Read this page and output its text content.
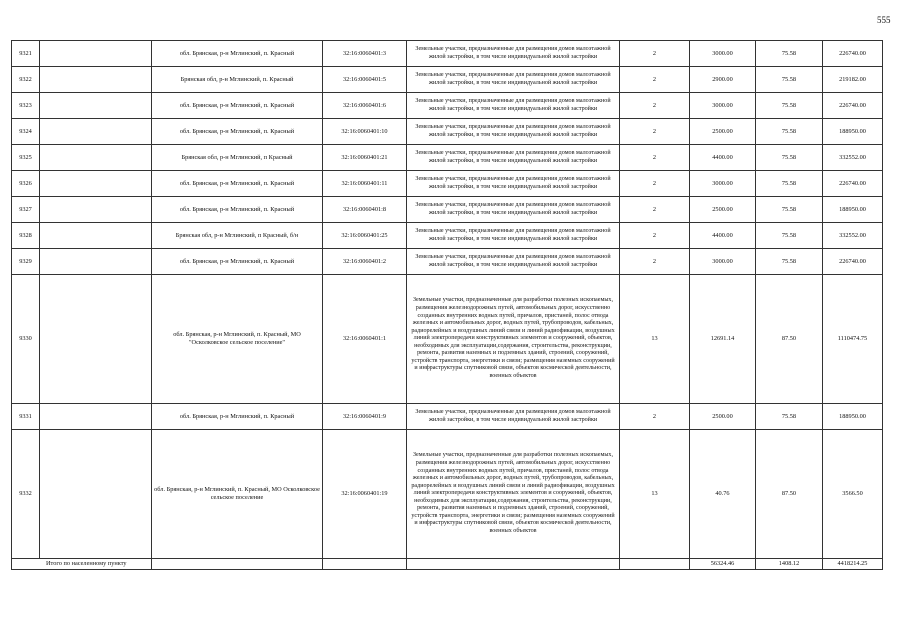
555
9321		обл. Брянская, р-н Мглинский, п. Красный	32:16:0060401:3	Земельные участки, предназначенные для размещения домов малоэтажной жилой застройки, в том числе индивидуальной жилой застройки	2	3000.00	75.58	226740.00
9322		Брянская обл, р-н Мглинский, п. Красный	32:16:0060401:5	Земельные участки, предназначенные для размещения домов малоэтажной жилой застройки, в том числе индивидуальной жилой застройки	2	2900.00	75.58	219182.00
9323		обл. Брянская, р-н Мглинский, п. Красный	32:16:0060401:6	Земельные участки, предназначенные для размещения домов малоэтажной жилой застройки, в том числе индивидуальной жилой застройки	2	3000.00	75.58	226740.00
9324		обл. Брянская, р-н Мглинский, п. Красный	32:16:0060401:10	Земельные участки, предназначенные для размещения домов малоэтажной жилой застройки, в том числе индивидуальной жилой застройки	2	2500.00	75.58	188950.00
9325		Брянская обл, р-н Мглинский, п Красный	32:16:0060401:21	Земельные участки, предназначенные для размещения домов малоэтажной жилой застройки, в том числе индивидуальной жилой застройки	2	4400.00	75.58	332552.00
9326		обл. Брянская, р-н Мглинский, п. Красный	32:16:0060401:11	Земельные участки, предназначенные для размещения домов малоэтажной жилой застройки, в том числе индивидуальной жилой застройки	2	3000.00	75.58	226740.00
9327		обл. Брянская, р-н Мглинский, п. Красный	32:16:0060401:8	Земельные участки, предназначенные для размещения домов малоэтажной жилой застройки, в том числе индивидуальной жилой застройки	2	2500.00	75.58	188950.00
9328		Брянская обл, р-н Мглинский, п Красный, б/н	32:16:0060401:25	Земельные участки, предназначенные для размещения домов малоэтажной жилой застройки, в том числе индивидуальной жилой застройки	2	4400.00	75.58	332552.00
9329		обл. Брянская, р-н Мглинский, п. Красный	32:16:0060401:2	Земельные участки, предназначенные для размещения домов малоэтажной жилой застройки, в том числе индивидуальной жилой застройки	2	3000.00	75.58	226740.00
9330		обл. Брянская, р-н Мглинский, п. Красный, МО "Осколковское сельское поселение"	32:16:0060401:1	Земельные участки, предназначенные для разработки полезных ископаемых, размещения железнодорожных путей, автомобильных дорог, искусственно созданных внутренних водных путей, причалов, пристаней, полос отвода железных и автомобильных дорог, водных путей, трубопроводов, кабельных, радиорелейных и воздушных линий связи и линий радиофикации, воздушных линий электропередачи конструктивных элементов и сооружений, объектов, необходимых для эксплуатации,содержания, строительства, реконструкции, ремонта, развития наземных и подземных зданий, строений, сооружений, устройств транспорта, энергетики и связи; размещения наземных сооружений и инфраструктуры спутниковой связи, объектов космической деятельности, военных объектов	13	12691.14	87.50	1110474.75
9331		обл. Брянская, р-н Мглинский, п. Красный	32:16:0060401:9	Земельные участки, предназначенные для размещения домов малоэтажной жилой застройки, в том числе индивидуальной жилой застройки	2	2500.00	75.58	188950.00
9332		обл. Брянская, р-н Мглинский, п. Красный, МО Осколковское сельское поселение	32:16:0060401:19	Земельные участки, предназначенные для разработки полезных ископаемых, размещения железнодорожных путей, автомобильных дорог, искусственно созданных внутренних водных путей, причалов, пристаней, полос отвода железных и автомобильных дорог, водных путей, трубопроводов, кабельных, радиорелейных и воздушных линий связи и линий радиофикации, воздушных линий электропередачи конструктивных элементов и сооружений, объектов, необходимых для эксплуатации,содержания, строительства, реконструкции, ремонта, развития наземных и подземных зданий, строений, сооружений, устройств транспорта, энергетики и связи; размещения наземных сооружений и инфраструктуры спутниковой связи, объектов космической деятельности, военных объектов	13	40.76	87.50	3566.50
Итого по населенному пункту						56324.46	1408.12	4418214.25
